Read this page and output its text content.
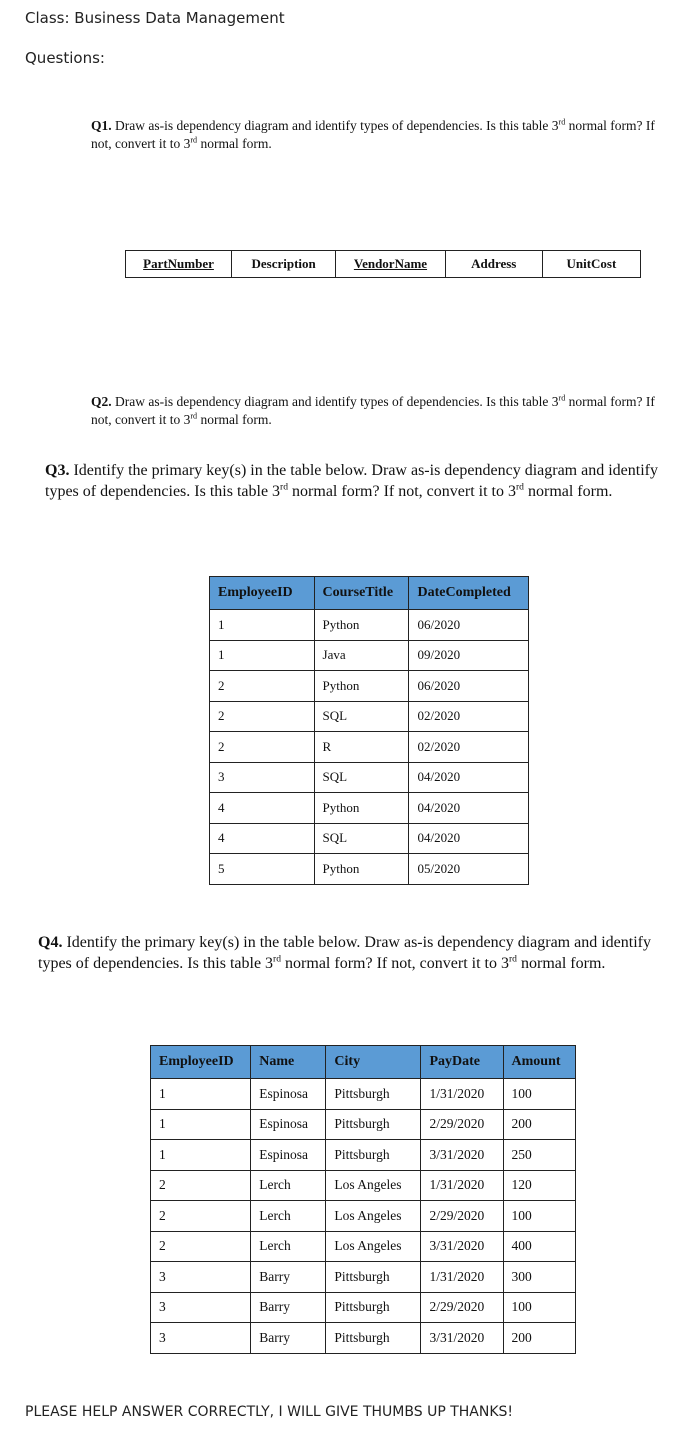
Class: Business Data Management
Questions:
Q1. Draw as-is dependency diagram and identify types of dependencies. Is this table 3rd normal form? If not, convert it to 3rd normal form.
PartNumber	Description	VendorName	Address	UnitCost
Q2. Draw as-is dependency diagram and identify types of dependencies. Is this table 3rd normal form? If not, convert it to 3rd normal form.
Q3. Identify the primary key(s) in the table below. Draw as-is dependency diagram and identify types of dependencies. Is this table 3rd normal form? If not, convert it to 3rd normal form.
EmployeeID	CourseTitle	DateCompleted
1	Python	06/2020
1	Java	09/2020
2	Python	06/2020
2	SQL	02/2020
2	R	02/2020
3	SQL	04/2020
4	Python	04/2020
4	SQL	04/2020
5	Python	05/2020
Q4. Identify the primary key(s) in the table below. Draw as-is dependency diagram and identify types of dependencies. Is this table 3rd normal form? If not, convert it to 3rd normal form.
EmployeeID	Name	City	PayDate	Amount
1	Espinosa	Pittsburgh	1/31/2020	100
1	Espinosa	Pittsburgh	2/29/2020	200
1	Espinosa	Pittsburgh	3/31/2020	250
2	Lerch	Los Angeles	1/31/2020	120
2	Lerch	Los Angeles	2/29/2020	100
2	Lerch	Los Angeles	3/31/2020	400
3	Barry	Pittsburgh	1/31/2020	300
3	Barry	Pittsburgh	2/29/2020	100
3	Barry	Pittsburgh	3/31/2020	200
PLEASE HELP ANSWER CORRECTLY, I WILL GIVE THUMBS UP THANKS!
